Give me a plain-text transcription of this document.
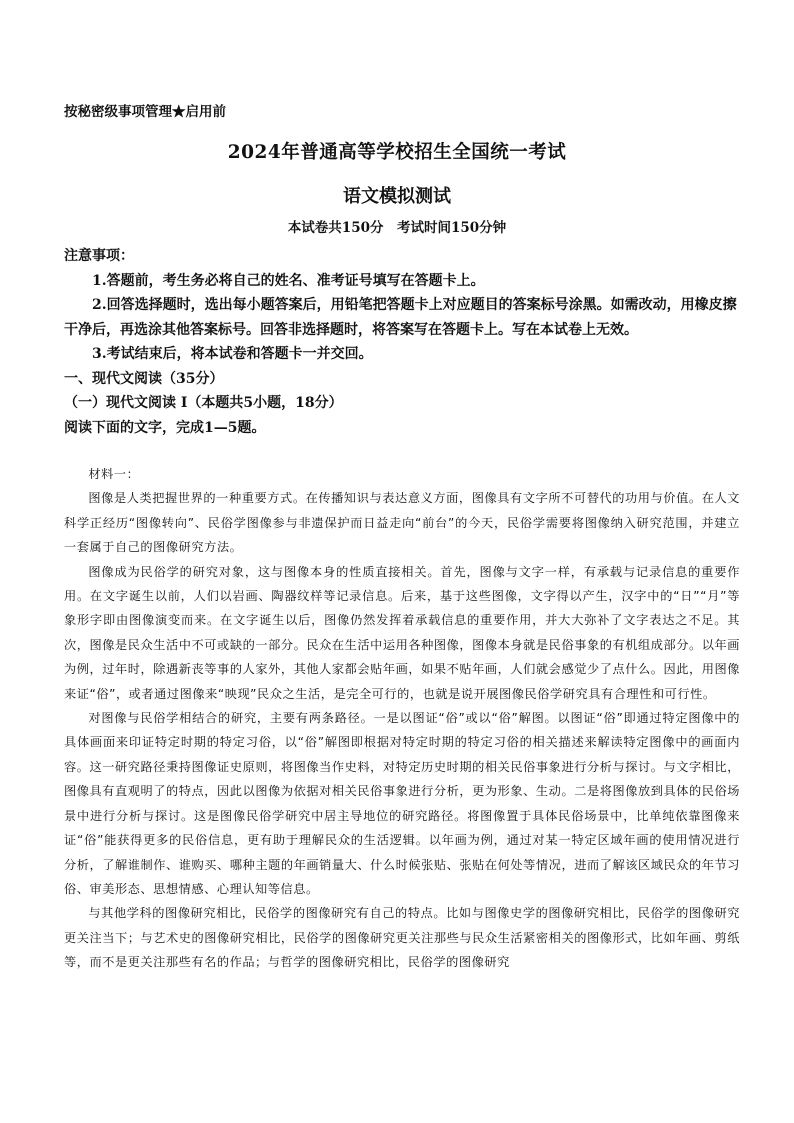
按秘密级事项管理★启用前
2024年普通高等学校招生全国统一考试
语文模拟测试
本试卷共150分　考试时间150分钟

注意事项：

1.答题前，考生务必将自己的姓名、准考证号填写在答题卡上。

2.回答选择题时，选出每小题答案后，用铅笔把答题卡上对应题目的答案标号涂黑。如需改动，用橡皮擦干净后，再选涂其他答案标号。回答非选择题时，将答案写在答题卡上。写在本试卷上无效。

3.考试结束后，将本试卷和答题卡一并交回。

一、现代文阅读（35分）

（一）现代文阅读 I（本题共5小题，18分）

阅读下面的文字，完成1—5题。

材料一：

图像是人类把握世界的一种重要方式。在传播知识与表达意义方面，图像具有文字所不可替代的功用与价值。在人文科学正经历“图像转向”、民俗学图像参与非遗保护而日益走向“前台”的今天，民俗学需要将图像纳入研究范围，并建立一套属于自己的图像研究方法。

图像成为民俗学的研究对象，这与图像本身的性质直接相关。首先，图像与文字一样，有承载与记录信息的重要作用。在文字诞生以前，人们以岩画、陶器纹样等记录信息。后来，基于这些图像，文字得以产生，汉字中的“日”“月”等象形字即由图像演变而来。在文字诞生以后，图像仍然发挥着承载信息的重要作用，并大大弥补了文字表达之不足。其次，图像是民众生活中不可或缺的一部分。民众在生活中运用各种图像，图像本身就是民俗事象的有机组成部分。以年画为例，过年时，除遇新丧等事的人家外，其他人家都会贴年画，如果不贴年画，人们就会感觉少了点什么。因此，用图像来证“俗”，或者通过图像来“映现”民众之生活，是完全可行的，也就是说开展图像民俗学研究具有合理性和可行性。

对图像与民俗学相结合的研究，主要有两条路径。一是以图证“俗”或以“俗”解图。以图证“俗”即通过特定图像中的具体画面来印证特定时期的特定习俗，以“俗”解图即根据对特定时期的特定习俗的相关描述来解读特定图像中的画面内容。这一研究路径秉持图像证史原则，将图像当作史料，对特定历史时期的相关民俗事象进行分析与探讨。与文字相比，图像具有直观明了的特点，因此以图像为依据对相关民俗事象进行分析，更为形象、生动。二是将图像放到具体的民俗场景中进行分析与探讨。这是图像民俗学研究中居主导地位的研究路径。将图像置于具体民俗场景中，比单纯依靠图像来证“俗”能获得更多的民俗信息，更有助于理解民众的生活逻辑。以年画为例，通过对某一特定区域年画的使用情况进行分析，了解谁制作、谁购买、哪种主题的年画销量大、什么时候张贴、张贴在何处等情况，进而了解该区域民众的年节习俗、审美形态、思想情感、心理认知等信息。

与其他学科的图像研究相比，民俗学的图像研究有自己的特点。比如与图像史学的图像研究相比，民俗学的图像研究更关注当下；与艺术史的图像研究相比，民俗学的图像研究更关注那些与民众生活紧密相关的图像形式，比如年画、剪纸等，而不是更关注那些有名的作品；与哲学的图像研究相比，民俗学的图像研究
